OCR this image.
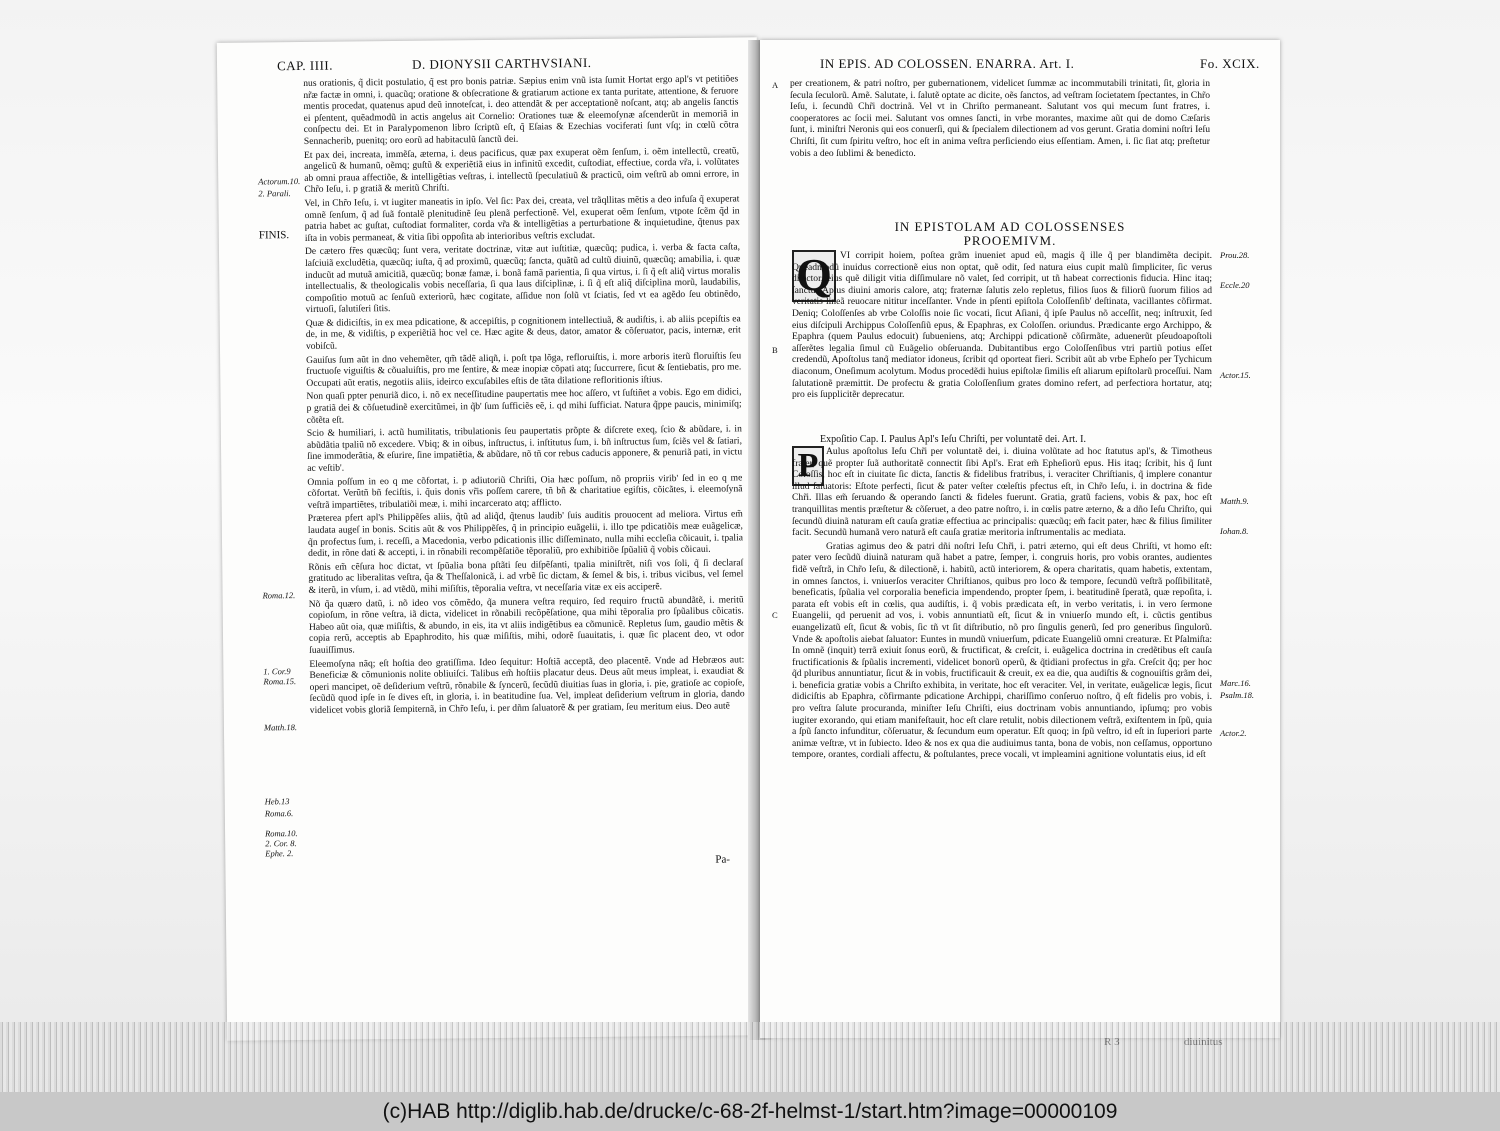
CAP. IIII.	D. DIONYSII CARTHVSIANI.

nus orationis, q̃ dicit postulatio, q̃ est pro bonis patriæ. Sæpius enim vnũ ista ſumit Hortat ergo apl's vt petitiões nr̃æ factæ in omni, i. quacũq; oratione & obſecratione & gratiarum actione ex tanta puritate, attentione, & feruore mentis procedat, quatenus apud deũ innoteſcat, i. deo attendãt & per acceptationẽ noſcant, atq; ab angelis ſanctis ei pſentent, quẽadmodũ in actis angelus ait Cornelio: Orationes tuæ & eleemoſynæ aſcenderũt in memoriã in conſpectu dei. Et in Paralypomenon libro ſcriptũ eſt, q̃ Eſaias & Ezechias vociferati ſunt vſq; in cœlũ cõtra Sennacherib, puenitq; oro eorũ ad habitaculũ ſanctũ dei.

Et pax dei, increata, immẽſa, æterna, i. deus pacificus, quæ pax exuperat oẽm ſenſum, i. oẽm intellectũ, creatũ, angelicũ & humanũ, oẽmq; guſtũ & experiẽtiã eius in infinitũ excedit, cuſtodiat, effectiue, corda vr̃a, i. volũtates ab omni praua affectiõe, & intelligẽtias veſtras, i. intellectũ ſpeculatiuũ & practicũ, oim veſtrũ ab omni errore, in Chr̃o Ieſu, i. p gratiã & meritũ Chriſti.

Vel, in Chr̃o Ieſu, i. vt iugiter maneatis in ipſo. Vel ſic: Pax dei, creata, vel trãqllitas mẽtis a deo infuſa q̃ exuperat omnẽ ſenſum, q̃ ad ſuã fontalẽ plenitudinẽ ſeu plenã perfectionẽ. Vel, exuperat oẽm ſenſum, vtpote ſcẽm q̃d in patria habet ac guſtat, cuſtodiat formaliter, corda vr̃a & intelligẽtias a perturbatione & inquietudine, q̃tenus pax iſta in vobis permaneat, & vitia ſibi oppoſita ab interioribus veſtris excludat.

De cætero fr̃es quæcũq; ſunt vera, veritate doctrinæ, vitæ aut iuſtitiæ, quæcũq; pudica, i. verba & facta caſta, laſciuiã excludẽtia, quæcũq; iuſta, q̃ ad proximũ, quæcũq; ſancta, quãtũ ad cultũ diuinũ, quæcũq; amabilia, i. quæ inducũt ad mutuã amicitiã, quæcũq; bonæ famæ, i. bonã famã parientia, ſi qua virtus, i. ſi q̃ eſt aliq̃ virtus moralis intellectualis, & theologicalis vobis neceſſaria, ſi qua laus diſciplinæ, i. ſi q̃ eſt aliq̃ diſciplina morũ, laudabilis, compoſitio motuũ ac ſenſuũ exteriorũ, hæc cogitate, aſſidue non ſolũ vt ſciatis, ſed vt ea agẽdo ſeu obtinẽdo, virtuoſi, ſalutiſeri ſitis.

Quæ & didiciſtis, in ex mea pdicatione, & accepiſtis, p cognitionem intellectiuã, & audiſtis, i. ab aliis pcepiſtis ea de, in me, & vidiſtis, p experiẽtiã hoc vel ce. Hæc agite & deus, dator, amator & cõſeruator, pacis, internæ, erit vobiſcũ.

Gauiſus ſum aũt in dno vehemẽter, qm̃ tãdẽ aliqñ, i. poſt tpa lõga, refloruiſtis, i. more arboris iterũ floruiſtis ſeu fructuoſe viguiſtis & cõualuiſtis, pro me ſentire, & meæ inopiæ cõpati atq; ſuccurrere, ſicut & ſentiebatis, pro me. Occupati aũt eratis, negotiis aliis, ideirco excuſabiles eſtis de tãta dilatione refloritionis iſtius.

Non quaſi ppter penuriã dico, i. nõ ex neceſſitudine paupertatis mee hoc aſſero, vt ſuſtiñet a vobis. Ego em didici, p gratiã dei & cõſuetudinẽ exercitũmei, in q̃b' ſum ſufficiẽs eẽ, i. qd mihi ſufficiat. Natura q̃ppe paucis, minimiſq; cõtẽta eſt.

Scio & humiliari, i. actũ humilitatis, tribulationis ſeu paupertatis prõpte & diſcrete exeq, ſcio & abũdare, i. in abũdãtia tpaliũ nõ excedere. Vbiq; & in oibus, inſtructus, i. inſtitutus ſum, i. bñ inſtructus ſum, ſciẽs vel & ſatiari, ſine immoderãtia, & eſurire, ſine impatiẽtia, & abũdare, nõ tñ cor rebus caducis apponere, & penuriã pati, in victu ac veſtib'.

Omnia poſſum in eo q me cõfortat, i. p adiutoriũ Chriſti, Oia hæc poſſum, nõ propriis virib' ſed in eo q me cõfortat. Verũtñ bñ feciſtis, i. q̃uis donis vr̃is poſſem carere, tñ bñ & charitatiue egiſtis, cõicãtes, i. eleemoſynã veſtrã impartiẽtes, tribulatiõi meæ, i. mihi incarcerato atq; afflicto.

Præterea pfert apl's Philippẽſes aliis, q̃tũ ad aliq̃d, q̃tenus laudib' ſuis auditis prouocent ad meliora. Virtus em̃ laudata augeſ in bonis. Scitis aũt & vos Philippẽſes, q̃ in principio euãgelii, i. illo tpe pdicatiõis meæ euãgelicæ, q̃n profectus ſum, i. receſſi, a Macedonia, verbo pdicationis illic diſſeminato, nulla mihi eccleſia cõicauit, i. tpalia dedit, in rõne dati & accepti, i. in rõnabili recompẽſatiõe tẽporaliũ, pro exhibitiõe ſpũaliũ q̃ vobis cõicaui.

Rõnis em̃ cẽſura hoc dictat, vt ſpũalia bona pſtãti ſeu diſpẽſanti, tpalia miniſtrẽt, niſi vos ſoli, q̃ ſi declaraſ gratitudo ac liberalitas veſtra, q̃a & Theſſalonicã, i. ad vrbẽ ſic dictam, & ſemel & bis, i. tribus vicibus, vel ſemel & iterũ, in vſum, i. ad vtẽdũ, mihi miſiſtis, tẽporalia veſtra, vt neceſſaria vitæ ex eis acciperẽ.

Nõ q̃a quæro datũ, i. nõ ideo vos cõmẽdo, q̃a munera veſtra requiro, ſed requiro fructũ abundãtẽ, i. meritũ copioſum, in rõne veſtra, iã dicta, videlicet in rõnabili recõpẽſatione, qua mihi tẽporalia pro ſpũalibus cõicatis. Habeo aũt oia, quæ miſiſtis, & abundo, in eis, ita vt aliis indigẽtibus ea cõmunicẽ. Repletus ſum, gaudio mẽtis & copia rerũ, acceptis ab Epaphrodito, his quæ miſiſtis, mihi, odorẽ ſuauitatis, i. quæ ſic placent deo, vt odor ſuauiſſimus.

Eleemoſyna nãq; eſt hoſtia deo gratiſſima. Ideo ſequitur: Hoſtiã acceptã, deo placentẽ. Vnde ad Hebræos aut: Beneficiæ & cõmunionis nolite obliuiſci. Talibus em̃ hoſtiis placatur deus. Deus aũt meus impleat, i. exaudiat & operi mancipet, oẽ deſiderium veſtrũ, rõnabile & ſyncerũ, ſecũdũ diuitias ſuas in gloria, i. pie, gratioſe ac copioſe, ſecũdũ quod ipſe in ſe dives eſt, in gloria, i. in beatitudine ſua. Vel, impleat deſiderium veſtrum in gloria, dando videlicet vobis gloriã ſempiternã, in Chr̃o Ieſu, i. per dñm ſaluatorẽ & per gratiam, ſeu meritum eius. Deo autẽ

Actorum.10.
2. Parali.
FINIS.
Roma.12.
1. Cor.9
Roma.15.
Matth.18.
Heb.13
Roma.6.
Roma.10.
2. Cor. 8.
Ephe. 2.
Pa-
IN EPIS. AD COLOSSEN. ENARRA. Art. I.	Fo. XCIX.
per creationem, & patri noſtro, per gubernationem, videlicet ſummæ ac incommutabili trinitati, ſit, gloria in ſecula ſeculorũ. Amẽ. Salutate, i. ſalutẽ optate ac dicite, oẽs ſanctos, ad veſtram ſocietatem ſpectantes, in Chr̃o Ieſu, i. ſecundũ Chr̃i doctrinã. Vel vt in Chriſto permaneant. Salutant vos qui mecum ſunt fratres, i. cooperatores ac ſocii mei. Salutant vos omnes ſancti, in vrbe morantes, maxime aũt qui de domo Cæſaris ſunt, i. miniſtri Neronis qui eos conuerſi, qui & ſpecialem dilectionem ad vos gerunt. Gratia domini noſtri Ieſu Chriſti, ſit cum ſpiritu veſtro, hoc eſt in anima veſtra perſiciendo eius eſſentiam. Amen, i. ſic ſiat atq; preſtetur vobis a deo ſublimi & benedicto.
A
Prou.28.
Eccle.20
B
Actor.15.
Matth.9.
Iohan.8.
C
Marc.16.
Psalm.18.
Actor.2.
IN EPISTOLAM AD COLOSSENSES
PROOEMIVM.
Q VI corripit hoiem, poſtea grãm inueniet apud eũ, magis q̃ ille q̃ per blandimẽta decipit. Quẽadmodũ inuidus correctionẽ eius non optat, quẽ odit, ſed natura eius cupit malũ ſimpliciter, ſic verus dilector, eius quẽ diligit vitia diſſimulare nõ valet, ſed corripit, ut tñ habeat correctionis fiducia. Hinc itaq; ſanctus Aplus diuini amoris calore, atq; fraternæ ſalutis zelo repletus, filios ſuos & filiorũ ſuorum filios ad veritatis lineã reuocare nititur inceſſanter. Vnde in pſenti epiſtola Coloſſenſib' deſtinata, vacillantes cõfirmat. Deniq; Coloſſenſes ab vrbe Coloſſis noie ſic vocati, ſicut Aſiani, q̃ ipſe Paulus nõ acceſſit, neq; inſtruxit, ſed eius diſcipuli Archippus Coloſſenſiũ epus, & Epaphras, ex Coloſſen. oriundus. Prædicante ergo Archippo, & Epaphra (quem Paulus edocuit) ſubueniens, atq; Archippi pdicationẽ cõſirmãte, aduenerũt pſeudoapoſtoli aſſerẽtes legalia ſimul cũ Euãgelio obſeruanda. Dubitantibus ergo Coloſſenſibus vtri partiũ potius eſſet credendũ, Apoſtolus tanq̃ mediator idoneus, ſcribit qd oporteat fieri. Scribit aũt ab vrbe Epheſo per Tychicum diaconum, Oneſimum acolytum. Modus procedẽdi huius epiſtolæ ſimilis eſt aliarum epiſtolarũ proceſſui. Nam ſalutationẽ præmittit. De profectu & gratia Coloſſenſium grates domino refert, ad perfectiora hortatur, atq; pro eis ſupplicitẽr deprecatur.
Expoſitio Cap. I. Paulus Apl's Ieſu Chriſti, per voluntatẽ dei. Art. I.
P Aulus apoſtolus Ieſu Chr̃i per voluntatẽ dei, i. diuina volũtate ad hoc ſtatutus apl's, & Timotheus frater, quẽ propter ſuã authoritatẽ connectit ſibi Apl's. Erat em̃ Epheſiorũ epus. His itaq; ſcribit, his q̃ ſunt Coloſſis, hoc eſt in ciuitate ſic dicta, ſanctis & fidelibus fratribus, i. veraciter Chriſtianis, q̃ implere conantur illud ſaluatoris: Eſtote perfecti, ſicut & pater veſter cœleſtis pfectus eſt, in Chr̃o Ieſu, i. in doctrina & fide Chr̃i. Illas em̃ ſeruando & operando ſancti & fideles fuerunt. Gratia, gratũ faciens, vobis & pax, hoc eſt tranquillitas mentis præſtetur & cõſeruet, a deo patre noſtro, i. in cœlis patre æterno, & a dño Ieſu Chriſto, qui ſecundũ diuinã naturam eſt cauſa gratiæ effectiua ac principalis: quæcũq; em̃ facit pater, hæc & filius ſimiliter facit. Secundũ humanã vero naturã eſt cauſa gratiæ meritoria inſtrumentalis ac mediata.

Gratias agimus deo & patri dñi noſtri Ieſu Chr̃i, i. patri æterno, qui eſt deus Chriſti, vt homo eſt: pater vero ſecũdũ diuinã naturam quã habet a patre, ſemper, i. congruis horis, pro vobis orantes, audientes fidẽ veſtrã, in Chr̃o Ieſu, & dilectionẽ, i. habitũ, actũ interiorem, & opera charitatis, quam habetis, extentam, in omnes ſanctos, i. vniuerſos veraciter Chriſtianos, quibus pro loco & tempore, ſecundũ veſtrã poſſibilitatẽ, beneficatis, ſpũalia vel corporalia beneficia impendendo, propter ſpem, i. beatitudinẽ ſperatã, quæ repoſita, i. parata eſt vobis eſt in cœlis, qua audiſtis, i. q̃ vobis prædicata eſt, in verbo veritatis, i. in vero ſermone Euangelii, qd peruenit ad vos, i. vobis annuntiatũ eſt, ſicut & in vniuerſo mundo eſt, i. cũctis gentibus euangelizatũ eſt, ſicut & vobis, ſic tñ vt ſit diſtributio, nõ pro ſingulis generũ, ſed pro generibus ſingulorũ. Vnde & apoſtolis aiebat ſaluator: Euntes in mundũ vniuerſum, pdicate Euangeliũ omni creaturæ. Et Pſalmiſta: In omnẽ (inquit) terrã exiuit ſonus eorũ, & fructificat, & creſcit, i. euãgelica doctrina in credẽtibus eſt cauſa fructificationis & ſpũalis incrementi, videlicet bonorũ operũ, & q̃tidiani profectus in gr̃a. Creſcit q̃q; per hoc q̃d pluribus annuntiatur, ſicut & in vobis, fructificauit & creuit, ex ea die, qua audiſtis & cognouiſtis grãm dei, i. beneficia gratiæ vobis a Chriſto exhibita, in veritate, hoc eſt veraciter. Vel, in veritate, euãgelicæ legis, ſicut didiciſtis ab Epaphra, cõfirmante pdicatione Archippi, chariſſimo conſeruo noſtro, q̃ eſt fidelis pro vobis, i. pro veſtra ſalute procuranda, miniſter Ieſu Chriſti, eius doctrinam vobis annuntiando, ipſumq; pro vobis iugiter exorando, qui etiam manifeſtauit, hoc eſt clare retulit, nobis dilectionem veſtrã, exiſtentem in ſpũ, quia a ſpũ ſancto infunditur, cõſeruatur, & ſecundum eum operatur. Eſt quoq; in ſpũ veſtro, id eſt in ſuperiori parte animæ veſtræ, vt in ſubiecto. Ideo & nos ex qua die audiuimus tanta, bona de vobis, non ceſſamus, opportuno tempore, orantes, cordiali affectu, & poſtulantes, prece vocali, vt impleamini agnitione voluntatis eius, id eſt

(c)HAB http://diglib.hab.de/drucke/c-68-2f-helmst-1/start.htm?image=00000109
